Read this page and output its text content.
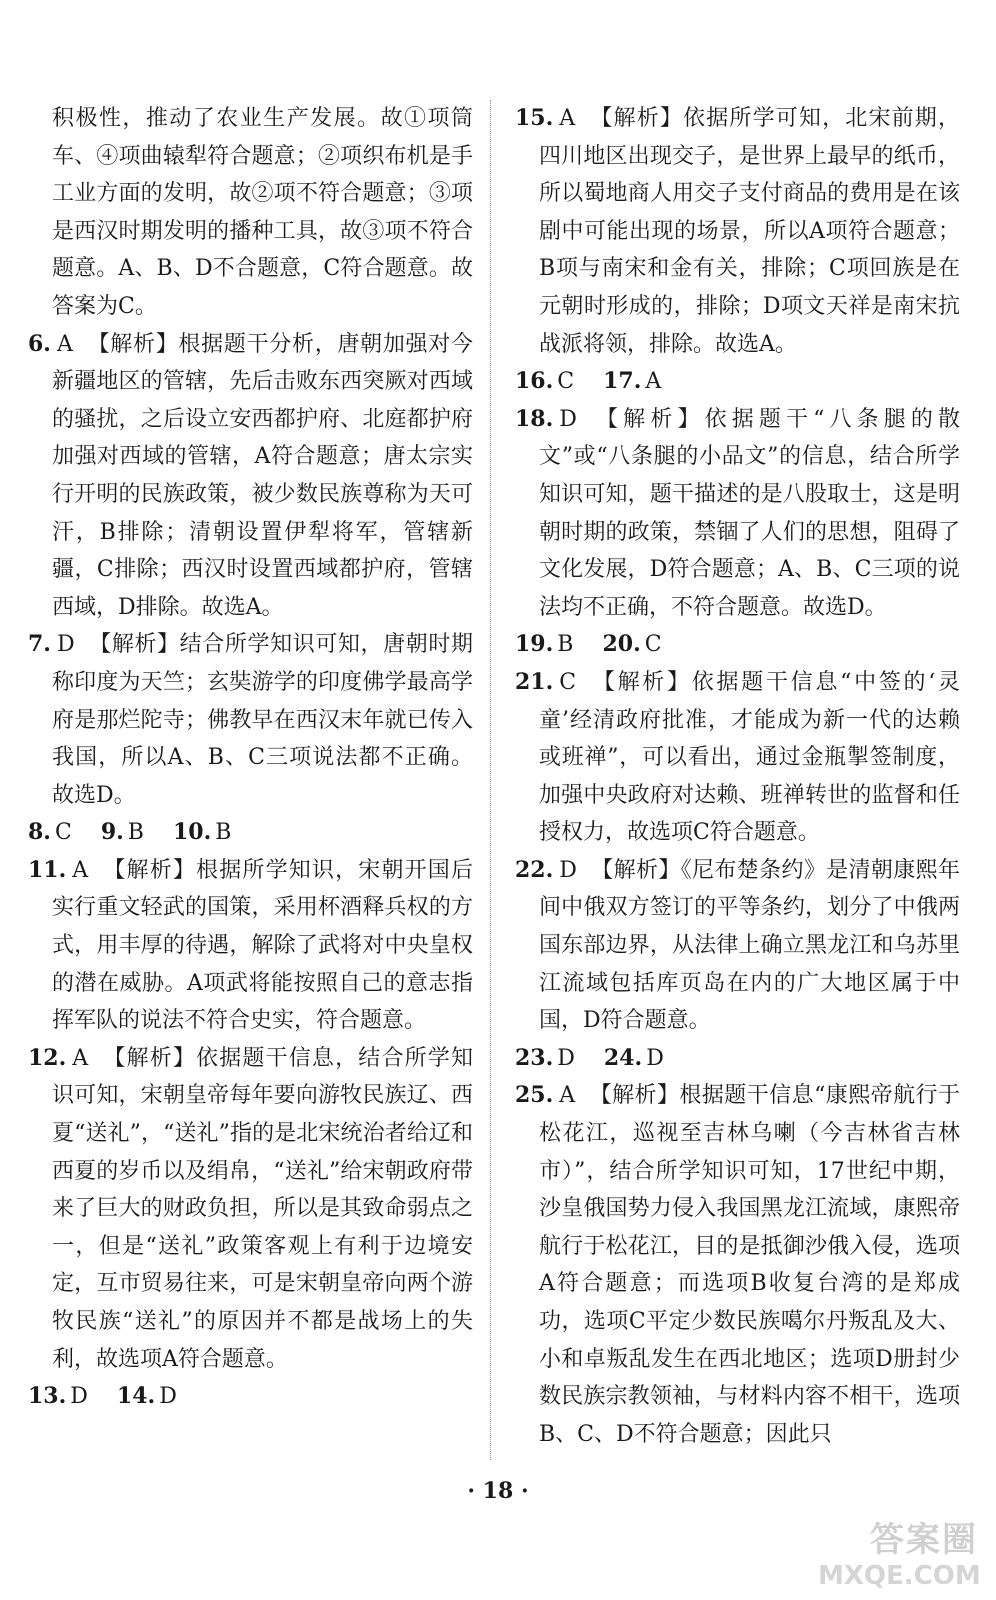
积极性，推动了农业生产发展。故①项筒车、④项曲辕犁符合题意；②项织布机是手工业方面的发明，故②项不符合题意；③项是西汉时期发明的播种工具，故③项不符合题意。A、B、D不合题意，C符合题意。故答案为C。

6. A 【解析】根据题干分析，唐朝加强对今新疆地区的管辖，先后击败东西突厥对西域的骚扰，之后设立安西都护府、北庭都护府加强对西域的管辖，A符合题意；唐太宗实行开明的民族政策，被少数民族尊称为天可汗，B排除；清朝设置伊犁将军，管辖新疆，C排除；西汉时设置西域都护府，管辖西域，D排除。故选A。

7. D 【解析】结合所学知识可知，唐朝时期称印度为天竺；玄奘游学的印度佛学最高学府是那烂陀寺；佛教早在西汉末年就已传入我国，所以A、B、C三项说法都不正确。故选D。

8. C 9. B 10. B

11. A 【解析】根据所学知识，宋朝开国后实行重文轻武的国策，采用杯酒释兵权的方式，用丰厚的待遇，解除了武将对中央皇权的潜在威胁。A项武将能按照自己的意志指挥军队的说法不符合史实，符合题意。

12. A 【解析】依据题干信息，结合所学知识可知，宋朝皇帝每年要向游牧民族辽、西夏“送礼”，“送礼”指的是北宋统治者给辽和西夏的岁币以及绢帛，“送礼”给宋朝政府带来了巨大的财政负担，所以是其致命弱点之一，但是“送礼”政策客观上有利于边境安定，互市贸易往来，可是宋朝皇帝向两个游牧民族“送礼”的原因并不都是战场上的失利，故选项A符合题意。

13. D 14. D

15. A 【解析】依据所学可知，北宋前期，四川地区出现交子，是世界上最早的纸币，所以蜀地商人用交子支付商品的费用是在该剧中可能出现的场景，所以A项符合题意；B项与南宋和金有关，排除；C项回族是在元朝时形成的，排除；D项文天祥是南宋抗战派将领，排除。故选A。

16. C 17. A

18. D 【解析】依据题干“八条腿的散文”或“八条腿的小品文”的信息，结合所学知识可知，题干描述的是八股取士，这是明朝时期的政策，禁锢了人们的思想，阻碍了文化发展，D符合题意；A、B、C三项的说法均不正确，不符合题意。故选D。

19. B 20. C

21. C 【解析】依据题干信息“中签的‘灵童’经清政府批准，才能成为新一代的达赖或班禅”，可以看出，通过金瓶掣签制度，加强中央政府对达赖、班禅转世的监督和任授权力，故选项C符合题意。

22. D 【解析】《尼布楚条约》是清朝康熙年间中俄双方签订的平等条约，划分了中俄两国东部边界，从法律上确立黑龙江和乌苏里江流域包括库页岛在内的广大地区属于中国，D符合题意。

23. D 24. D

25. A 【解析】根据题干信息“康熙帝航行于松花江，巡视至吉林乌喇（今吉林省吉林市）”，结合所学知识可知，17世纪中期，沙皇俄国势力侵入我国黑龙江流域，康熙帝航行于松花江，目的是抵御沙俄入侵，选项A符合题意；而选项B收复台湾的是郑成功，选项C平定少数民族噶尔丹叛乱及大、小和卓叛乱发生在西北地区；选项D册封少数民族宗教领袖，与材料内容不相干，选项B、C、D不符合题意；因此只

· 18 ·
答案圈
MXQE.COM
